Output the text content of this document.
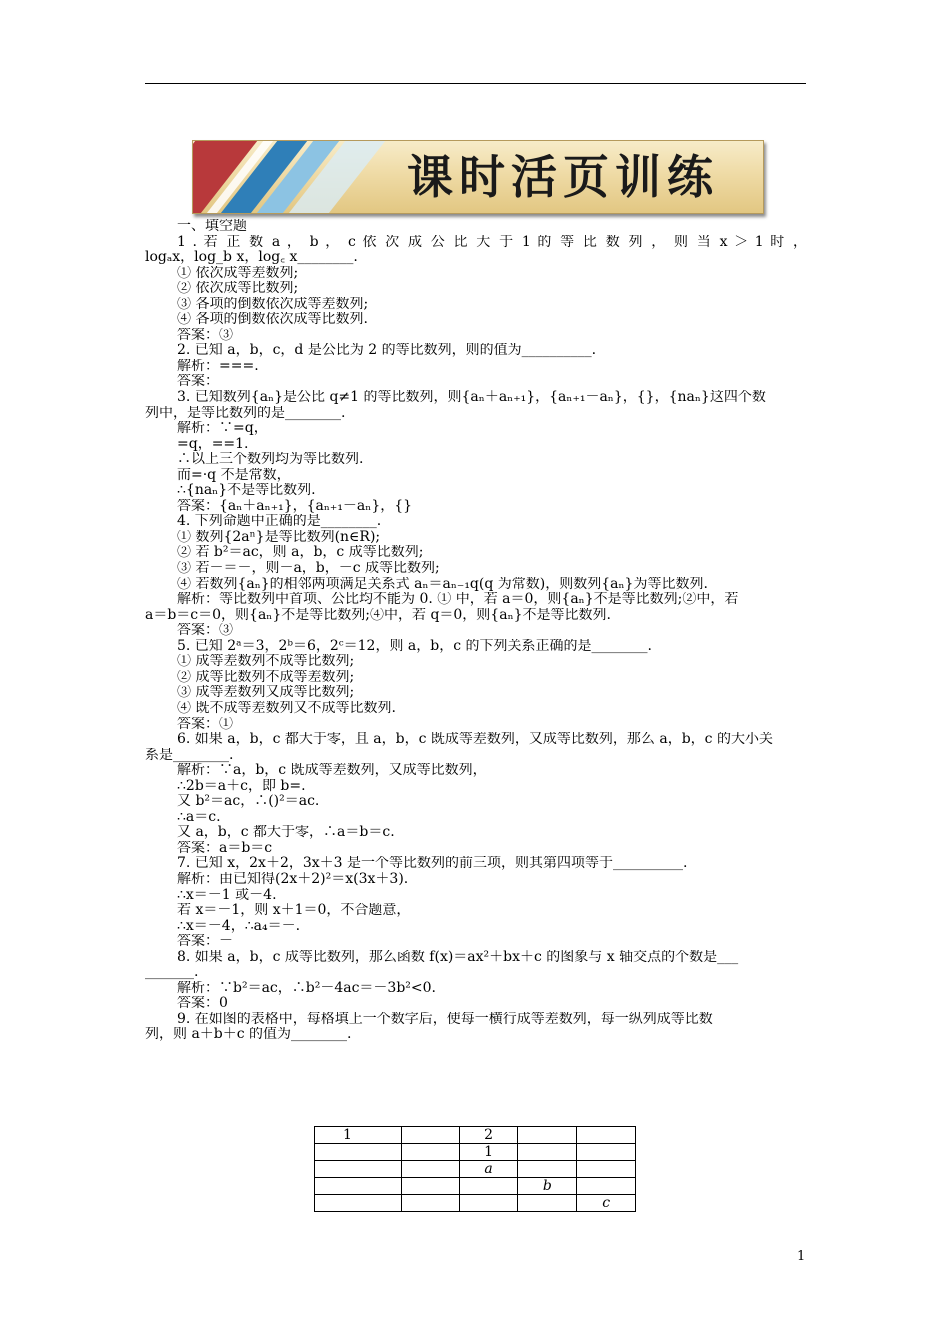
课时活页训练
一、填空题
1 . 若 正 数 a ， b ， c 依 次 成 公 比 大 于 1 的 等 比 数 列 ， 则 当 x ＞ 1 时 ，
logₐx，log_b x，log꜀ x________.
① 依次成等差数列;
② 依次成等比数列;
③ 各项的倒数依次成等差数列;
④ 各项的倒数依次成等比数列.
答案：③
2. 已知 a，b，c，d 是公比为 2 的等比数列，则的值为__________.
解析：===.
答案：
3. 已知数列{aₙ}是公比 q≠1 的等比数列，则{aₙ＋aₙ₊₁}，{aₙ₊₁－aₙ}，{}，{naₙ}这四个数
列中，是等比数列的是________.
解析：∵=q，
=q，==1.
∴以上三个数列均为等比数列.
而=·q 不是常数，
∴{naₙ}不是等比数列.
答案：{aₙ＋aₙ₊₁}，{aₙ₊₁－aₙ}，{}
4. 下列命题中正确的是________.
① 数列{2aⁿ}是等比数列(n∈R);
② 若 b²＝ac，则 a，b，c 成等比数列;
③ 若－＝－，则－a，b，－c 成等比数列;
④ 若数列{aₙ}的相邻两项满足关系式 aₙ＝aₙ₋₁q(q 为常数)，则数列{aₙ}为等比数列.
解析：等比数列中首项、公比均不能为 0. ① 中，若 a＝0，则{aₙ}不是等比数列;②中，若
a＝b＝c＝0，则{aₙ}不是等比数列;④中，若 q＝0，则{aₙ}不是等比数列.
答案：③
5. 已知 2ᵃ＝3，2ᵇ＝6，2ᶜ＝12，则 a，b，c 的下列关系正确的是________.
① 成等差数列不成等比数列;
② 成等比数列不成等差数列;
③ 成等差数列又成等比数列;
④ 既不成等差数列又不成等比数列.
答案：①
6. 如果 a，b，c 都大于零，且 a，b，c 既成等差数列，又成等比数列，那么 a，b，c 的大小关
系是________.
解析：∵a，b，c 既成等差数列，又成等比数列，
∴2b＝a＋c，即 b=.
又 b²＝ac，∴()²＝ac.
∴a＝c.
又 a，b，c 都大于零，∴a＝b＝c.
答案：a＝b＝c
7. 已知 x，2x＋2，3x＋3 是一个等比数列的前三项，则其第四项等于__________.
解析：由已知得(2x＋2)²＝x(3x＋3).
∴x＝－1 或－4.
若 x＝－1，则 x＋1＝0，不合题意，
∴x＝－4，∴a₄＝－.
答案：－
8. 如果 a，b，c 成等比数列，那么函数 f(x)＝ax²＋bx＋c 的图象与 x 轴交点的个数是___
_______.
解析：∵b²＝ac，∴b²－4ac＝－3b²<0.
答案：0
9. 在如图的表格中，每格填上一个数字后，使每一横行成等差数列，每一纵列成等比数
列，则 a＋b＋c 的值为________.
1		2		
		1		
		a		
			b	
				c
1
